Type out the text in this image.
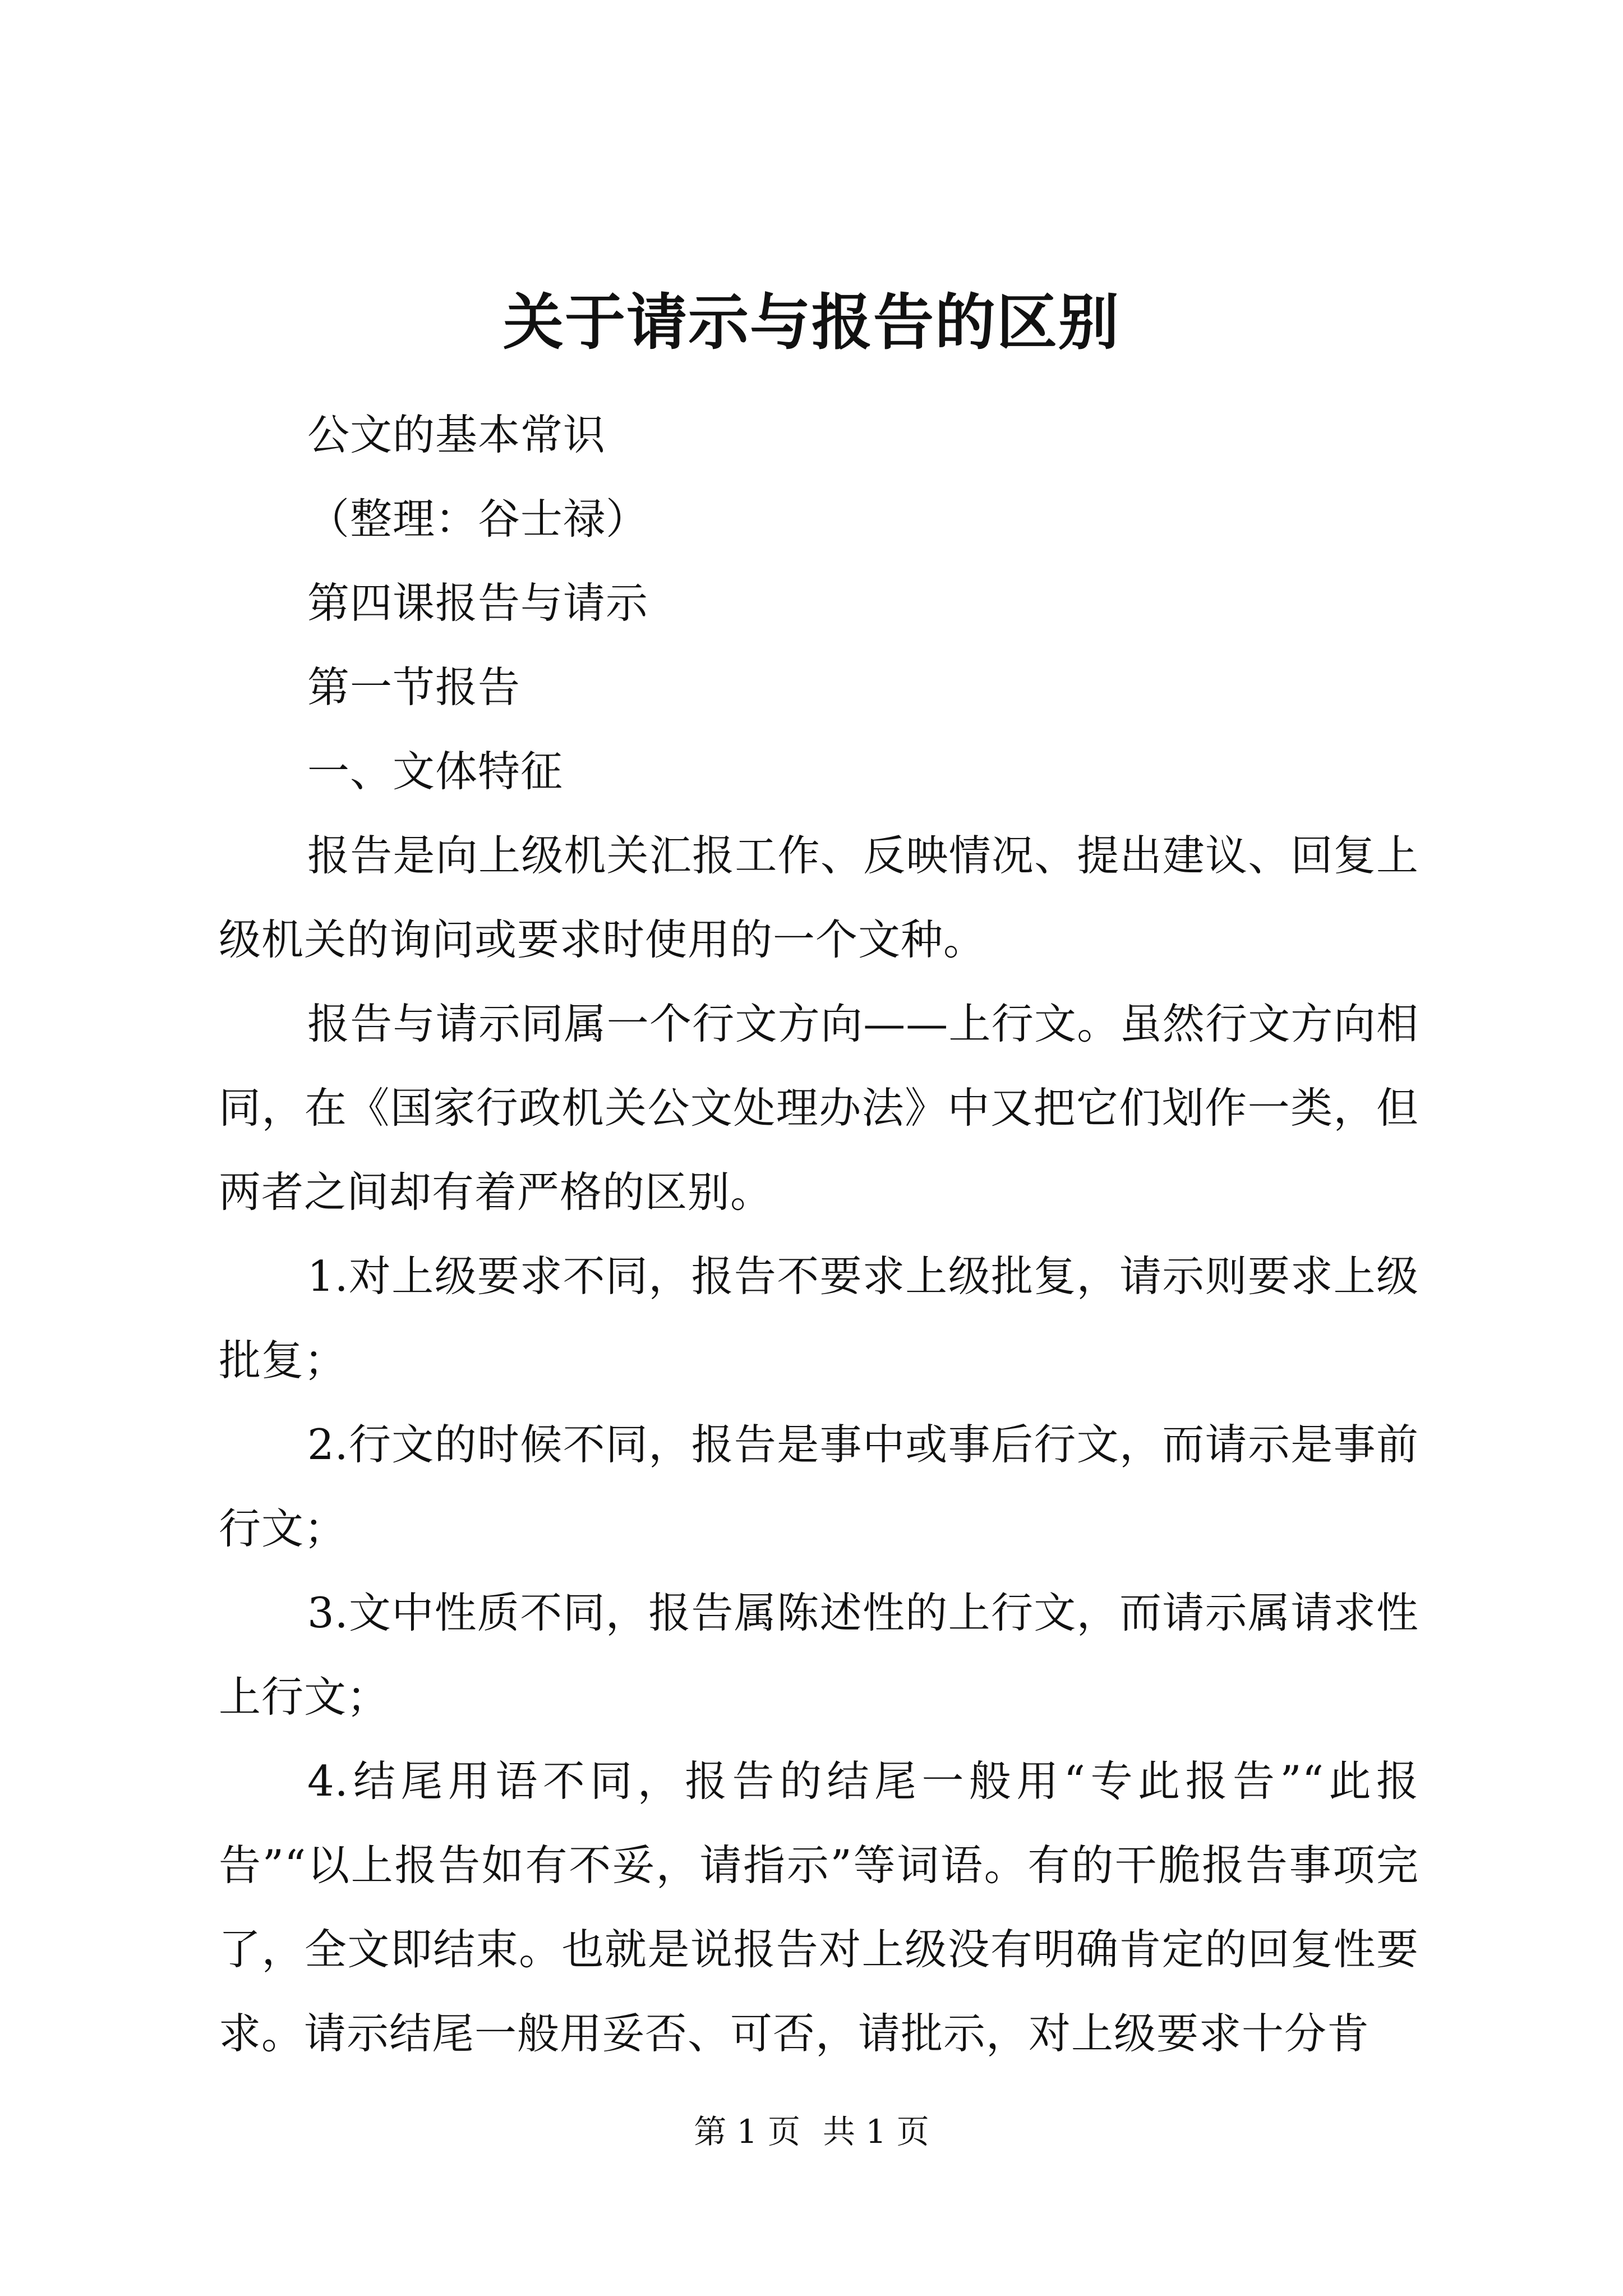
关于请示与报告的区别

公文的基本常识

（整理：谷士禄）

第四课报告与请示

第一节报告

一、文体特征

报告是向上级机关汇报工作、反映情况、提出建议、回复上级机关的询问或要求时使用的一个文种。

报告与请示同属一个行文方向——上行文。虽然行文方向相同，在《国家行政机关公文处理办法》中又把它们划作一类，但两者之间却有着严格的区别。

1.对上级要求不同，报告不要求上级批复，请示则要求上级批复；

2.行文的时候不同，报告是事中或事后行文，而请示是事前行文；

3.文中性质不同，报告属陈述性的上行文，而请示属请求性上行文；

4.结尾用语不同，报告的结尾一般用“专此报告”“此报告”“以上报告如有不妥，请指示”等词语。有的干脆报告事项完了，全文即结束。也就是说报告对上级没有明确肯定的回复性要求。请示结尾一般用妥否、可否，请批示，对上级要求十分肯

第 1 页 共 1 页
